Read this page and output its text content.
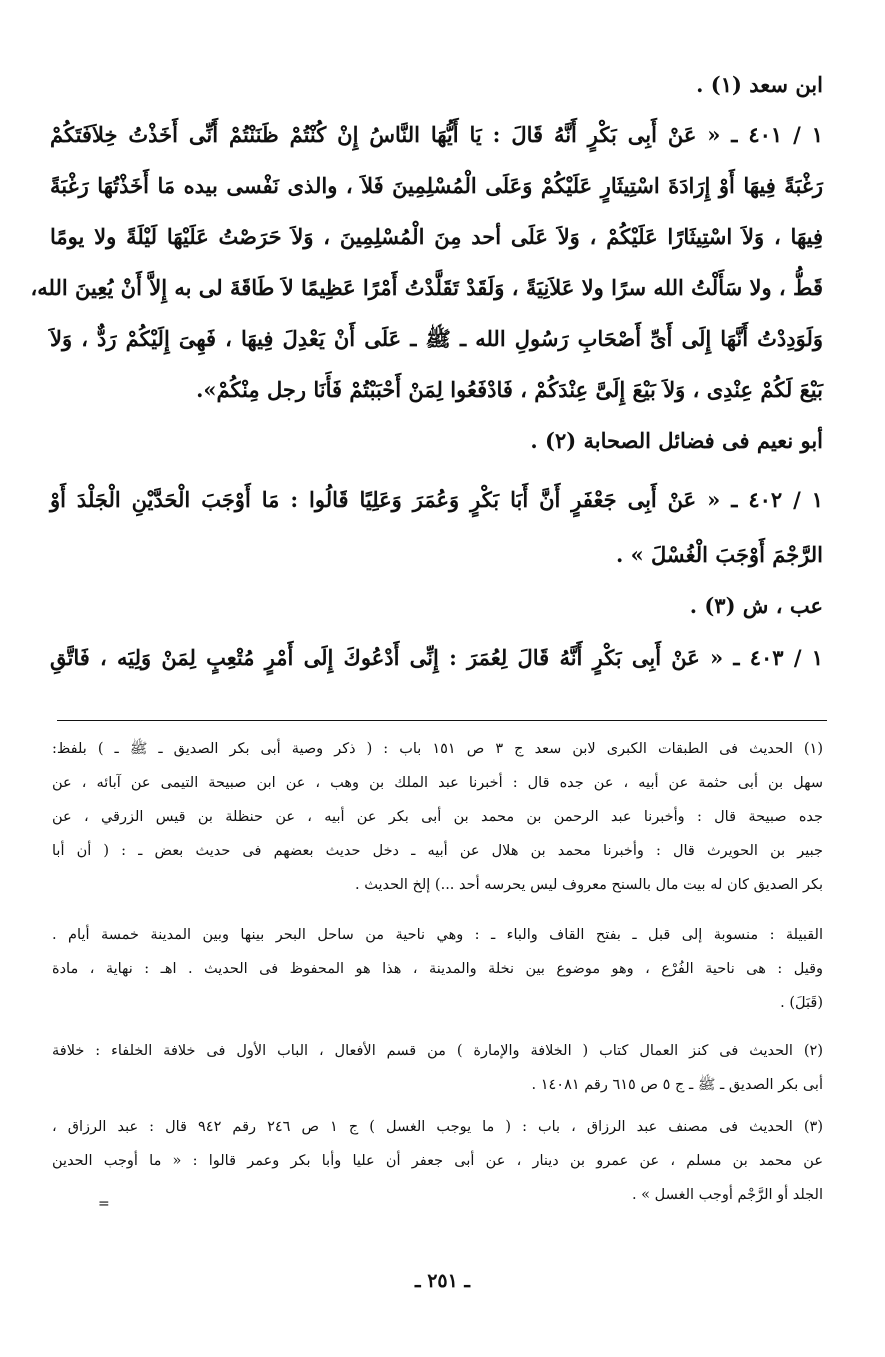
ابن سعد (١) .
١ / ٤٠١ ـ « عَنْ أَبِى بَكْرٍ أَنَّهُ قَالَ : يَا أَيُّهَا النَّاسُ إِنْ كُنْتُمْ ظَنَنْتُمْ أَنِّى أَخَذْتُ خِلاَفَتَكُمْ
رَغْبَةً فِيهَا أَوْ إِرَادَةَ اسْتِيثَارٍ عَلَيْكُمْ وَعَلَى الْمُسْلِمِينَ فَلاَ ، والذى نَفْسى بيده مَا أَخَذْتُهَا رَغْبَةً
فِيهَا ، وَلاَ اسْتِيثَارًا عَلَيْكُمْ ، وَلاَ عَلَى أحد مِنَ الْمُسْلِمِينَ ، وَلاَ حَرَصْتُ عَلَيْهَا لَيْلَةً ولا يومًا
قَطُّ ، ولا سَأَلْتُ الله سرًا ولا عَلاَنِيَةً ، وَلَقَدْ تَقَلَّدْتُ أَمْرًا عَظِيمًا لاَ طَاقَةَ لى به إِلاَّ أَنْ يُعِينَ الله،
وَلَوَدِدْتُ أَنَّهَا إِلَى أَىِّ أَصْحَابِ رَسُولِ الله ـ ﷺ ـ عَلَى أَنْ يَعْدِلَ فِيهَا ، فَهِىَ إِلَيْكُمْ رَدٌّ ، وَلاَ
بَيْعَ لَكُمْ عِنْدِى ، وَلاَ بَيْعَ إِلَىَّ عِنْدَكُمْ ، فَادْفَعُوا لِمَنْ أَحْبَبْتُمْ فَأَنَا رجل مِنْكُمْ».
أبو نعيم فى فضائل الصحابة (٢) .
١ / ٤٠٢ ـ « عَنْ أَبِى جَعْفَرٍ أَنَّ أَبَا بَكْرٍ وَعُمَرَ وَعَلِيًا قَالُوا : مَا أَوْجَبَ الْحَدَّيْنِ الْجَلْدَ أَوْ
الرَّجْمَ أَوْجَبَ الْغُسْلَ » .
عب ، ش (٣) .
١ / ٤٠٣ ـ « عَنْ أَبِى بَكْرٍ أَنَّهُ قَالَ لِعُمَرَ : إِنِّى أَدْعُوكَ إِلَى أَمْرٍ مُتْعِبٍ لِمَنْ وَلِيَه ، فَاتَّقِ
(١) الحديث فى الطبقات الكبرى لابن سعد ج ٣ ص ١٥١ باب : ( ذكر وصية أبى بكر الصديق ـ ﷺ ـ ) بلفظ:
سهل بن أبى حثمة عن أبيه ، عن جده قال : أخبرنا عبد الملك بن وهب ، عن ابن صبيحة التيمى عن آبائه ، عن
جده صبيحة قال : وأخبرنا عبد الرحمن بن محمد بن أبى بكر عن أبيه ، عن حنظلة بن قيس الزرقي ، عن
جبير بن الحويرث قال : وأخبرنا محمد بن هلال عن أبيه ـ دخل حديث بعضهم فى حديث بعض ـ : ( أن أبا
بكر الصديق كان له بيت مال بالسنح معروف ليس يحرسه أحد ...) إلخ الحديث .
القبيلة : منسوبة إلى قبل ـ بفتح القاف والباء ـ : وهي ناحية من ساحل البحر بينها وبين المدينة خمسة أيام .
وقيل : هى ناحية الفُرْع ، وهو موضوع بين نخلة والمدينة ، هذا هو المحفوظ فى الحديث . اهـ : نهاية ، مادة
(قَبَلَ) .
(٢) الحديث فى كنز العمال كتاب ( الخلافة والإمارة ) من قسم الأفعال ، الباب الأول فى خلافة الخلفاء : خلافة
أبى بكر الصديق ـ ﷺ ـ ج ٥ ص ٦١٥ رقم ١٤٠٨١ .
(٣) الحديث فى مصنف عبد الرزاق ، باب : ( ما يوجب الغسل ) ج ١ ص ٢٤٦ رقم ٩٤٢ قال : عبد الرزاق ،
عن محمد بن مسلم ، عن عمرو بن دينار ، عن أبى جعفر أن عليا وأبا بكر وعمر قالوا : « ما أوجب الحدين
الجلد أو الرَّجْم أوجب الغسل » .
=
ـ ٢٥١ ـ
